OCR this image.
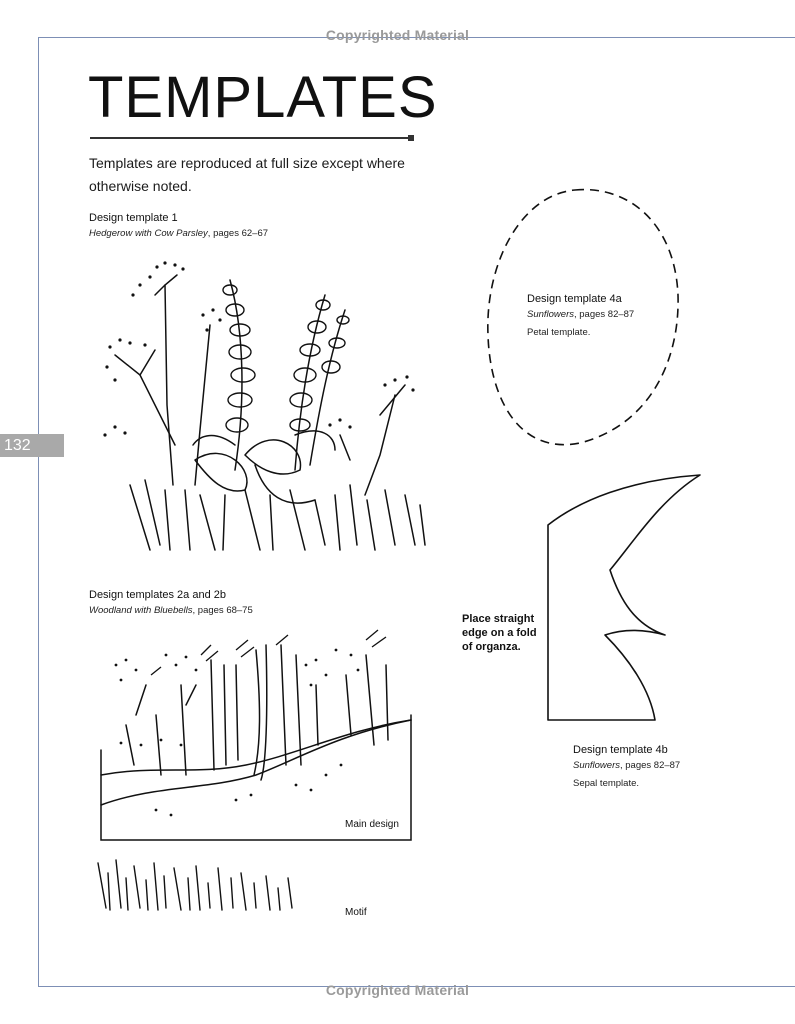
Copyrighted Material
Copyrighted Material
TEMPLATES
Templates are reproduced at full size except where otherwise noted.
132
Design template 1
Hedgerow with Cow Parsley, pages 62–67
Design templates 2a and 2b
Woodland with Bluebells, pages 68–75
Main design
Motif
Design template 4a
Sunflowers, pages 82–87
Petal template.
Place straight
edge on a fold
of organza.
Design template 4b
Sunflowers, pages 82–87
Sepal template.
